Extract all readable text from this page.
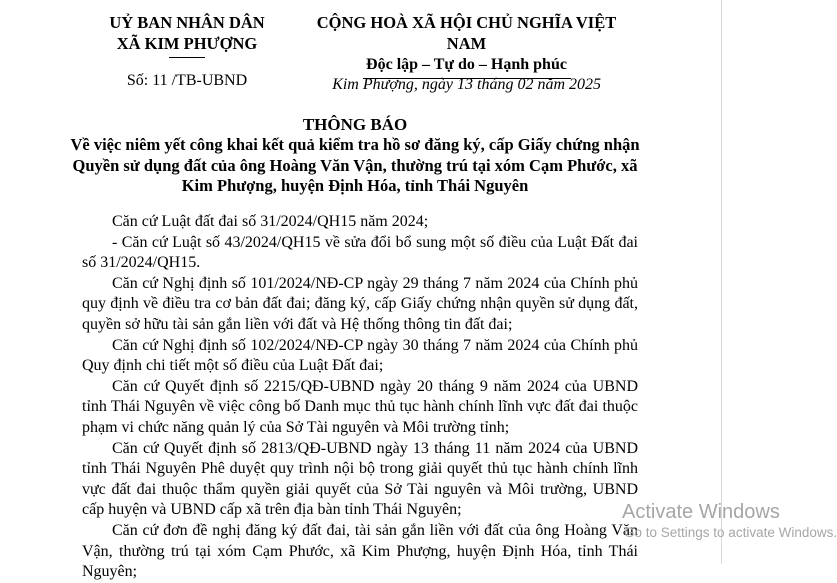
UỶ BAN NHÂN DÂN
XÃ KIM PHƯỢNG
Số: 11 /TB-UBND
CỘNG HOÀ XÃ HỘI CHỦ NGHĨA VIỆT NAM
Độc lập – Tự do – Hạnh phúc
Kim Phượng, ngày 13 tháng 02 năm 2025
THÔNG BÁO
Về việc niêm yết công khai kết quả kiểm tra hồ sơ đăng ký, cấp Giấy chứng nhận Quyền sử dụng đất của ông Hoàng Văn Vận, thường trú tại xóm Cạm Phước, xã Kim Phượng, huyện Định Hóa, tỉnh Thái Nguyên

Căn cứ Luật đất đai số 31/2024/QH15 năm 2024;

- Căn cứ Luật số 43/2024/QH15 về sửa đổi bổ sung một số điều của Luật Đất đai số 31/2024/QH15.

Căn cứ Nghị định số 101/2024/NĐ-CP ngày 29 tháng 7 năm 2024 của Chính phủ quy định về điều tra cơ bản đất đai; đăng ký, cấp Giấy chứng nhận quyền sử dụng đất, quyền sở hữu tài sản gắn liền với đất và Hệ thống thông tin đất đai;

Căn cứ Nghị định số 102/2024/NĐ-CP ngày 30 tháng 7 năm 2024 của Chính phủ Quy định chi tiết một số điều của Luật Đất đai;

Căn cứ Quyết định số 2215/QĐ-UBND ngày 20 tháng 9 năm 2024 của UBND tỉnh Thái Nguyên về việc công bố Danh mục thủ tục hành chính lĩnh vực đất đai thuộc phạm vi chức năng quản lý của Sở Tài nguyên và Môi trường tỉnh;

Căn cứ Quyết định số 2813/QĐ-UBND ngày 13 tháng 11 năm 2024 của UBND tỉnh Thái Nguyên Phê duyệt quy trình nội bộ trong giải quyết thủ tục hành chính lĩnh vực đất đai thuộc thẩm quyền giải quyết của Sở Tài nguyên và Môi trường, UBND cấp huyện và UBND cấp xã trên địa bàn tỉnh Thái Nguyên;

Căn cứ đơn đề nghị đăng ký đất đai, tài sản gắn liền với đất của ông Hoàng Văn Vận, thường trú tại xóm Cạm Phước, xã Kim Phượng, huyện Định Hóa, tỉnh Thái Nguyên;

Activate Windows
Go to Settings to activate Windows.
